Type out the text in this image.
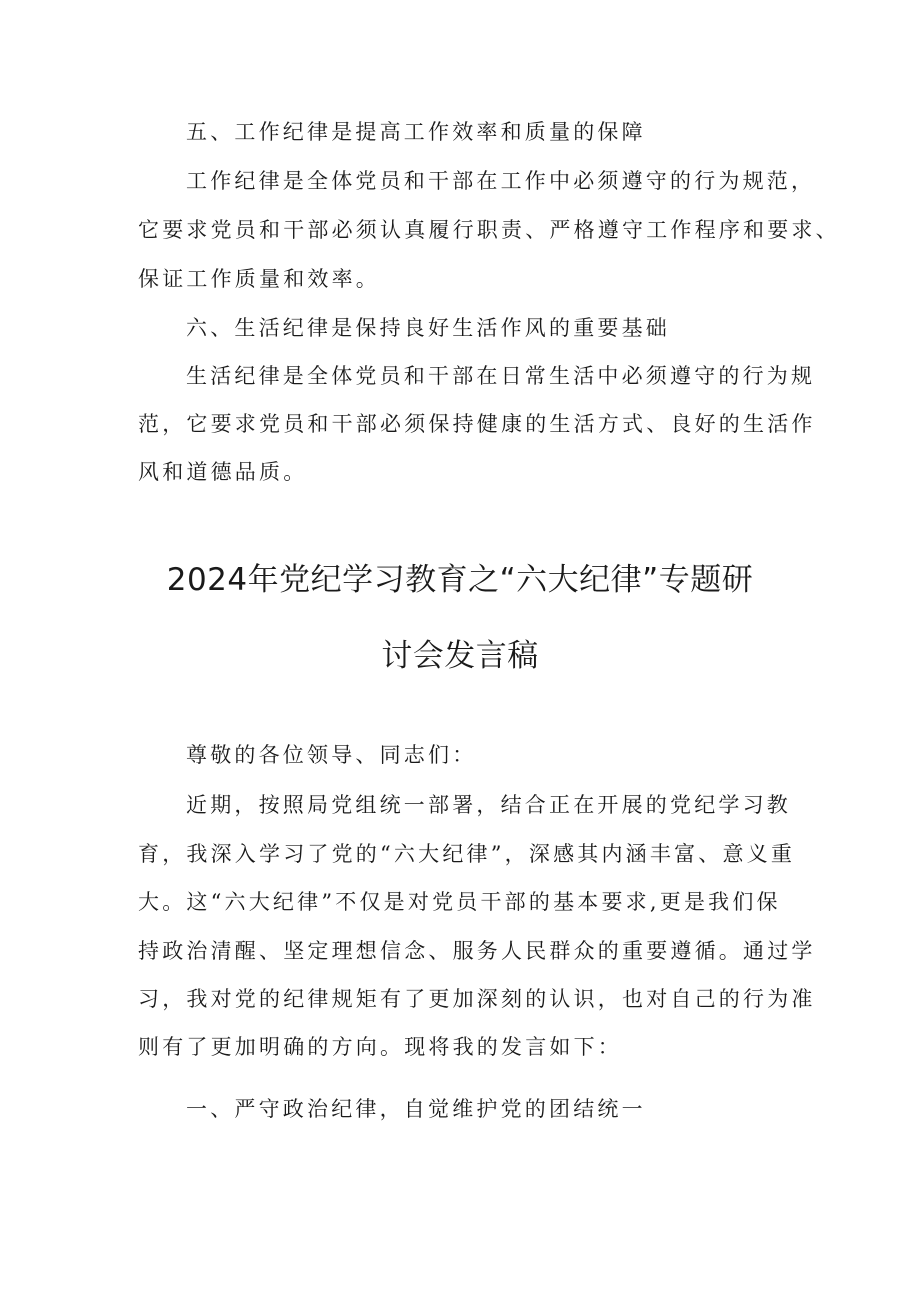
五、工作纪律是提高工作效率和质量的保障
工作纪律是全体党员和干部在工作中必须遵守的行为规范，
它要求党员和干部必须认真履行职责、严格遵守工作程序和要求、
保证工作质量和效率。
六、生活纪律是保持良好生活作风的重要基础
生活纪律是全体党员和干部在日常生活中必须遵守的行为规
范，它要求党员和干部必须保持健康的生活方式、良好的生活作
风和道德品质。
2024年党纪学习教育之“六大纪律”专题研
讨会发言稿
尊敬的各位领导、同志们：
近期，按照局党组统一部署，结合正在开展的党纪学习教
育，我深入学习了党的“六大纪律”，深感其内涵丰富、意义重
大。这“六大纪律”不仅是对党员干部的基本要求,更是我们保
持政治清醒、坚定理想信念、服务人民群众的重要遵循。通过学
习，我对党的纪律规矩有了更加深刻的认识，也对自己的行为准
则有了更加明确的方向。现将我的发言如下：
一、严守政治纪律，自觉维护党的团结统一
